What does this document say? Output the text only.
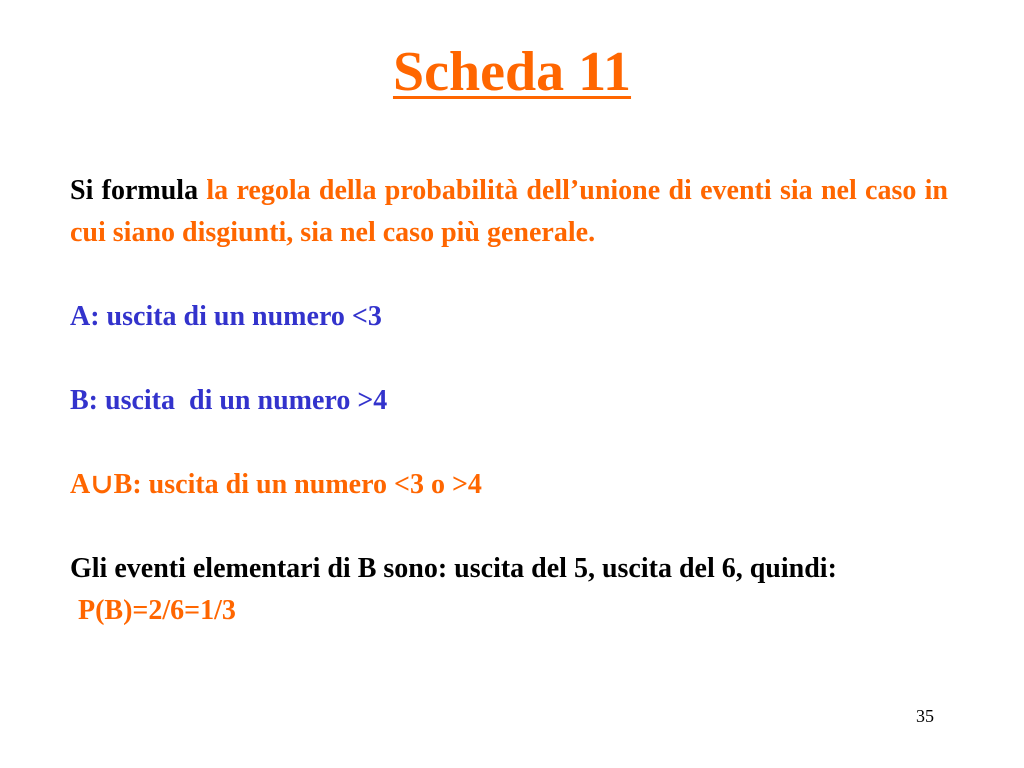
Scheda 11

Si formula la regola della probabilità dell’unione di eventi sia nel caso in cui siano disgiunti, sia nel caso più generale.

A: uscita di un numero <3

B: uscita  di un numero >4

A∪B: uscita di un numero <3 o >4

Gli eventi elementari di B sono: uscita del 5, uscita del 6, quindi:

P(B)=2/6=1/3

35
